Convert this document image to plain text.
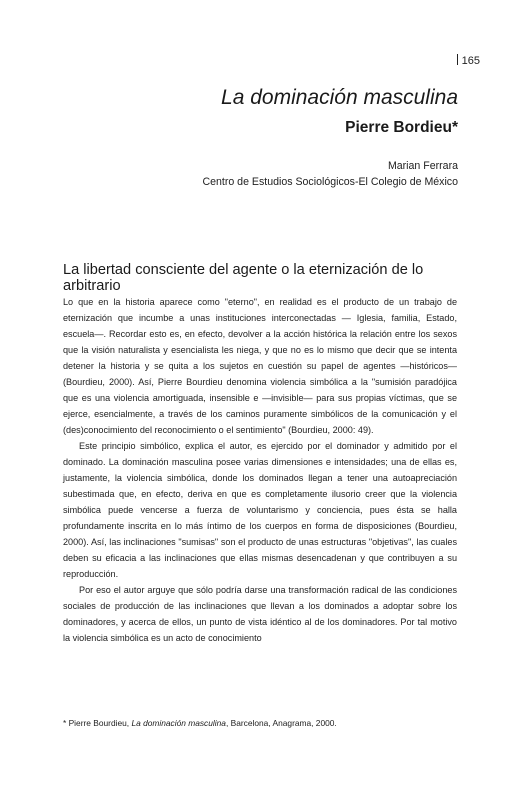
165
La dominación masculina
Pierre Bordieu*
Marian Ferrara
Centro de Estudios Sociológicos-El Colegio de México
La libertad consciente del agente o la eternización de lo arbitrario

Lo que en la historia aparece como "eterno", en realidad es el producto de un trabajo de eternización que incumbe a unas instituciones interconectadas — Iglesia, familia, Estado, escuela—. Recordar esto es, en efecto, devolver a la acción histórica la relación entre los sexos que la visión naturalista y esencialista les niega, y que no es lo mismo que decir que se intenta detener la historia y se quita a los sujetos en cuestión su papel de agentes —históricos— (Bourdieu, 2000). Así, Pierre Bourdieu denomina violencia simbólica a la "sumisión paradójica que es una violencia amortiguada, insensible e —invisible— para sus propias víctimas, que se ejerce, esencialmente, a través de los caminos puramente simbólicos de la comunicación y el (des)conocimiento del reconocimiento o el sentimiento" (Bourdieu, 2000: 49).

Este principio simbólico, explica el autor, es ejercido por el dominador y admitido por el dominado. La dominación masculina posee varias dimensiones e intensidades; una de ellas es, justamente, la violencia simbólica, donde los dominados llegan a tener una autoapreciación subestimada que, en efecto, deriva en que es completamente ilusorio creer que la violencia simbólica puede vencerse a fuerza de voluntarismo y conciencia, pues ésta se halla profundamente inscrita en lo más íntimo de los cuerpos en forma de disposiciones (Bourdieu, 2000). Así, las inclinaciones "sumisas" son el producto de unas estructuras "objetivas", las cuales deben su eficacia a las inclinaciones que ellas mismas desencadenan y que contribuyen a su reproducción.

Por eso el autor arguye que sólo podría darse una transformación radical de las condiciones sociales de producción de las inclinaciones que llevan a los dominados a adoptar sobre los dominadores, y acerca de ellos, un punto de vista idéntico al de los dominadores. Por tal motivo la violencia simbólica es un acto de conocimiento

* Pierre Bourdieu, La dominación masculina, Barcelona, Anagrama, 2000.
